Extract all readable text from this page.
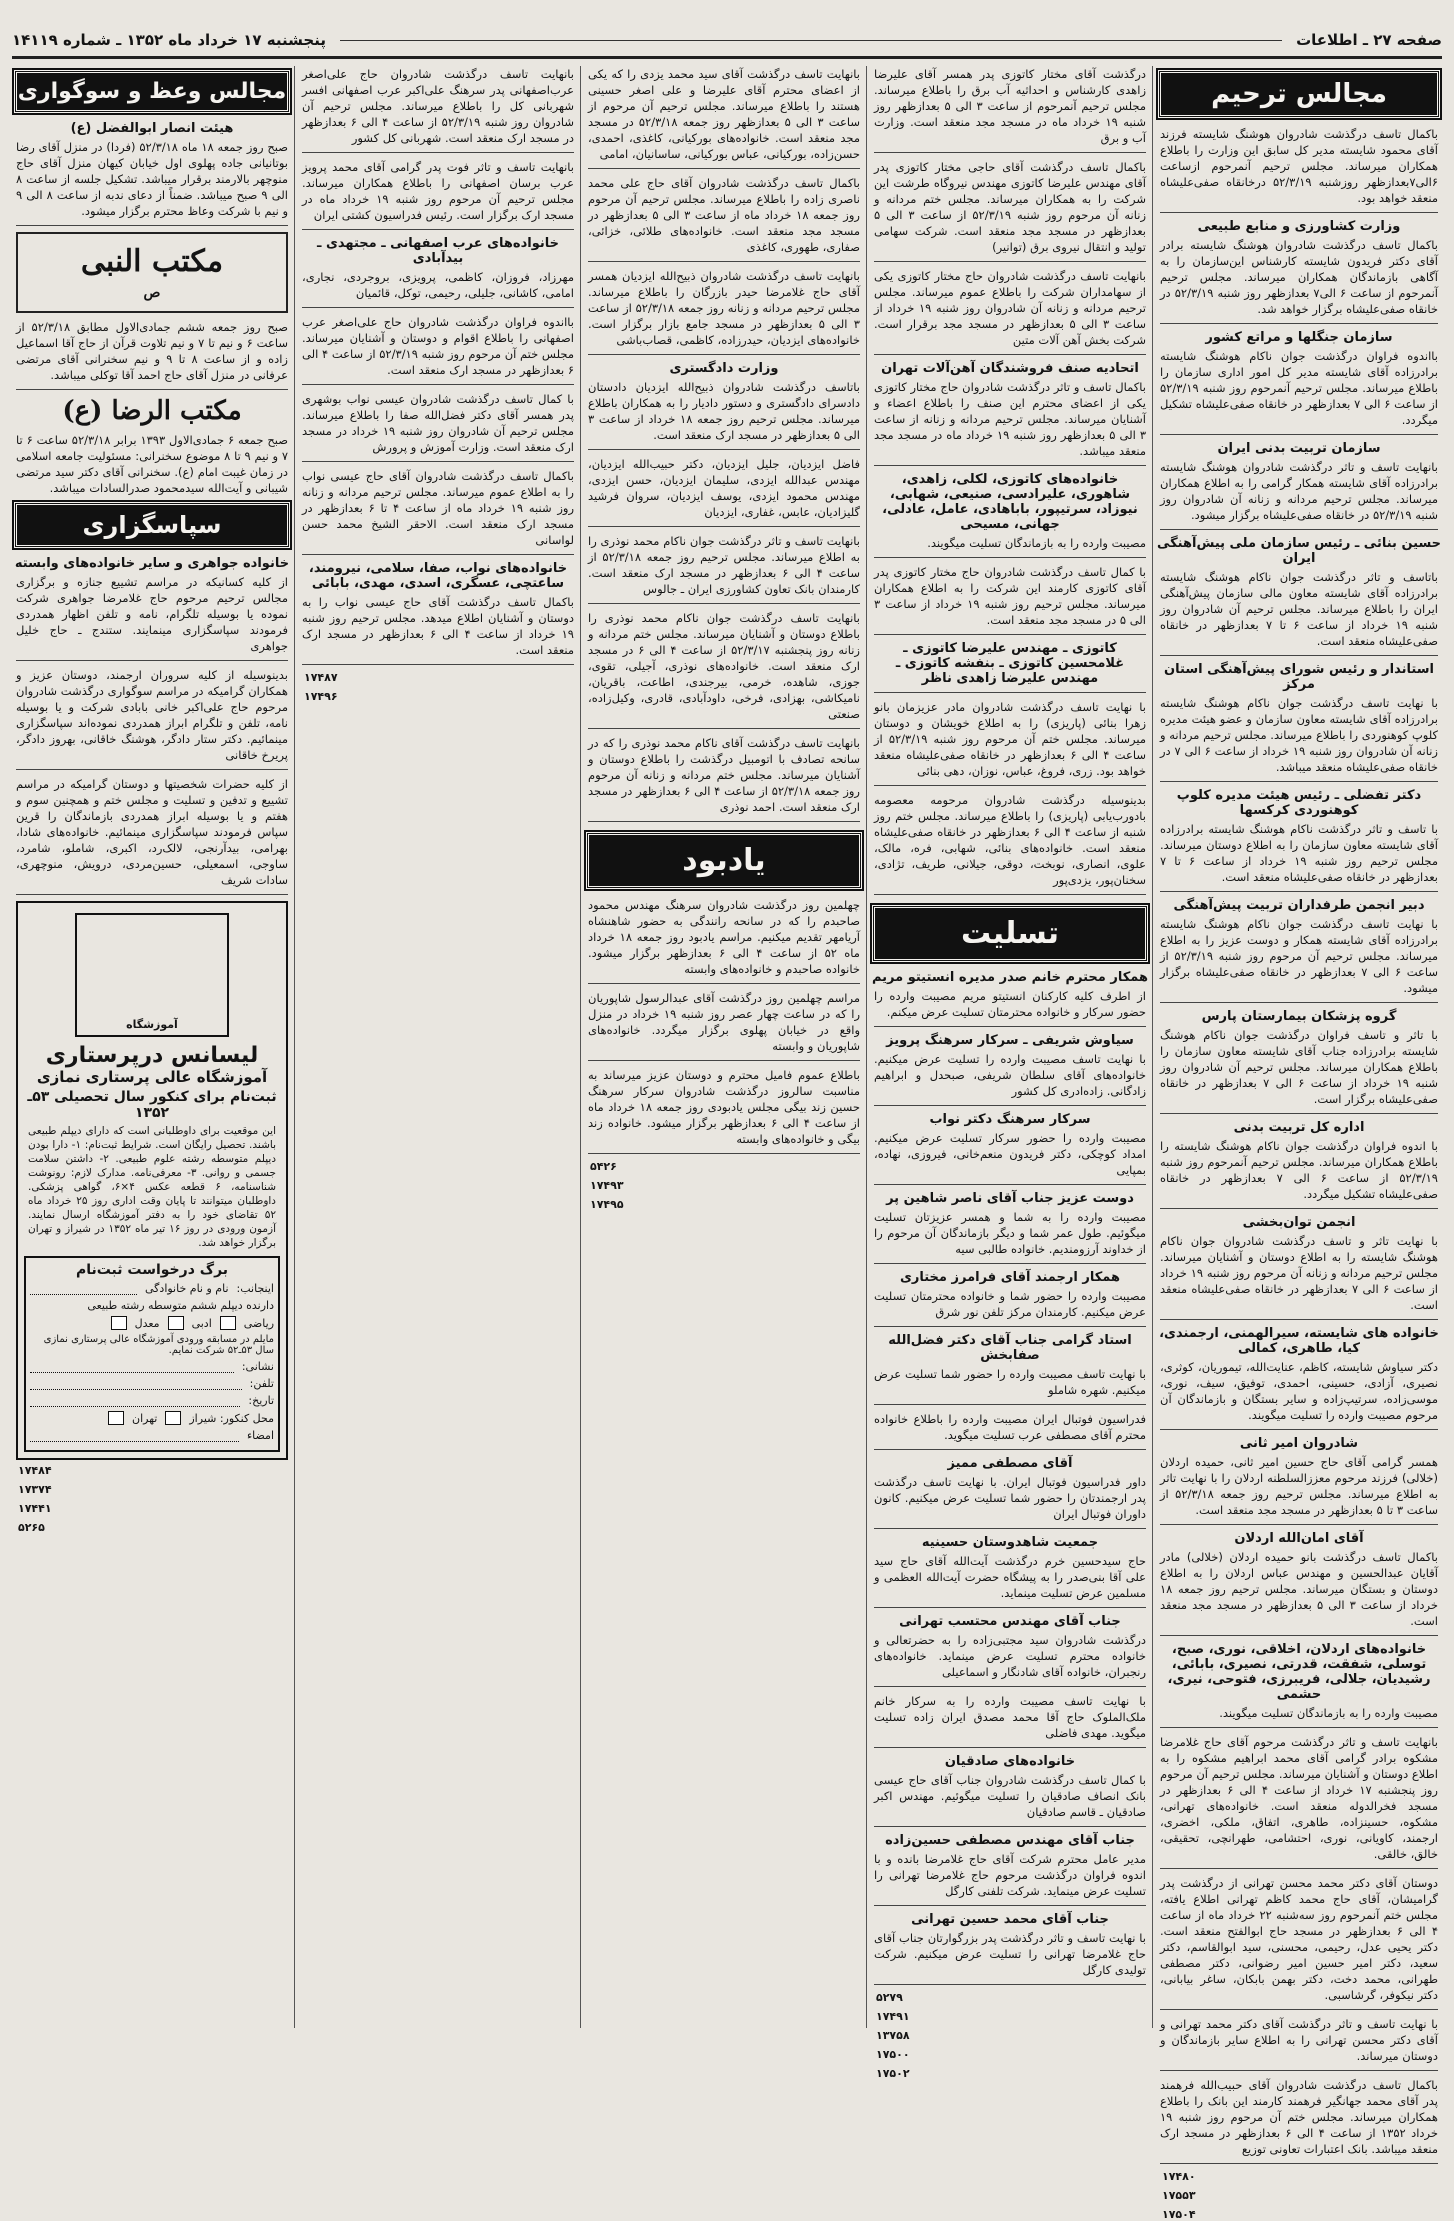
صفحه ۲۷ ـ اطلاعات
پنجشنبه ۱۷ خرداد ماه ۱۳۵۲ ـ شماره ۱۴۱۱۹
مجالس ترحیم
باکمال تاسف درگذشت شادروان هوشنگ شایسته فرزند آقای محمود شایسته مدیر کل سابق این وزارت را باطلاع همکاران میرساند. مجلس ترحیم آنمرحوم ازساعت ۶الی۷بعدازظهر روزشنبه ۵۲/۳/۱۹ درخانقاه صفی‌علیشاه منعقد خواهد بود.
وزارت کشاورزی و منابع طبیعی
باکمال تاسف درگذشت شادروان هوشنگ شایسته برادر آقای دکتر فریدون شایسته کارشناس این‌سازمان را به آگاهی بازماندگان همکاران میرساند. مجلس ترحیم آنمرحوم از ساعت ۶ الی۷ بعدازظهر روز شنبه ۵۲/۳/۱۹ در خانقاه صفی‌علیشاه برگزار خواهد شد.
سازمان جنگلها و مراتع کشور
بااندوه فراوان درگذشت جوان ناکام هوشنگ شایسته برادرزاده آقای شایسته مدیر کل امور اداری سازمان را باطلاع میرساند. مجلس ترحیم آنمرحوم روز شنبه ۵۲/۳/۱۹ از ساعت ۶ الی ۷ بعدازظهر در خانقاه صفی‌علیشاه تشکیل میگردد.
سازمان تربیت بدنی ایران
بانهایت تاسف و تاثر درگذشت شادروان هوشنگ شایسته برادرزاده آقای شایسته همکار گرامی را به اطلاع همکاران میرساند. مجلس ترحیم مردانه و زنانه آن شادروان روز شنبه ۵۲/۳/۱۹ در خانقاه صفی‌علیشاه برگزار میشود.
حسین بنائی ـ رئیس سازمان ملی پیش‌آهنگی ایران
باتاسف و تاثر درگذشت جوان ناکام هوشنگ شایسته برادرزاده آقای شایسته معاون مالی سازمان پیش‌آهنگی ایران را باطلاع میرساند. مجلس ترحیم آن شادروان روز شنبه ۱۹ خرداد از ساعت ۶ تا ۷ بعدازظهر در خانقاه صفی‌علیشاه منعقد است.
استاندار و رئیس شورای پیش‌آهنگی استان مرکز
با نهایت تاسف درگذشت جوان ناکام هوشنگ شایسته برادرزاده آقای شایسته معاون سازمان و عضو هیئت مدیره کلوپ کوهنوردی را باطلاع میرساند. مجلس ترحیم مردانه و زنانه آن شادروان روز شنبه ۱۹ خرداد از ساعت ۶ الی ۷ در خانقاه صفی‌علیشاه منعقد میباشد.
دکتر تفضلی ـ رئیس هیئت مدیره کلوپ کوهنوردی کرکسها
با تاسف و تاثر درگذشت ناکام هوشنگ شایسته برادرزاده آقای شایسته معاون سازمان را به اطلاع دوستان میرساند. مجلس ترحیم روز شنبه ۱۹ خرداد از ساعت ۶ تا ۷ بعدازظهر در خانقاه صفی‌علیشاه منعقد است.
دبیر انجمن طرفداران تربیت پیش‌آهنگی
با نهایت تاسف درگذشت جوان ناکام هوشنگ شایسته برادرزاده آقای شایسته همکار و دوست عزیز را به اطلاع میرساند. مجلس ترحیم آن مرحوم روز شنبه ۵۲/۳/۱۹ از ساعت ۶ الی ۷ بعدازظهر در خانقاه صفی‌علیشاه برگزار میشود.
گروه پزشکان بیمارستان پارس
با تاثر و تاسف فراوان درگذشت جوان ناکام هوشنگ شایسته برادرزاده جناب آقای شایسته معاون سازمان را باطلاع همکاران میرساند. مجلس ترحیم آن شادروان روز شنبه ۱۹ خرداد از ساعت ۶ الی ۷ بعدازظهر در خانقاه صفی‌علیشاه برگزار است.
اداره کل تربیت بدنی
با اندوه فراوان درگذشت جوان ناکام هوشنگ شایسته را باطلاع همکاران میرساند. مجلس ترحیم آنمرحوم روز شنبه ۵۲/۳/۱۹ از ساعت ۶ الی ۷ بعدازظهر در خانقاه صفی‌علیشاه تشکیل میگردد.
انجمن توان‌بخشی
با نهایت تاثر و تاسف درگذشت شادروان جوان ناکام هوشنگ شایسته را به اطلاع دوستان و آشنایان میرساند. مجلس ترحیم مردانه و زنانه آن مرحوم روز شنبه ۱۹ خرداد از ساعت ۶ الی ۷ بعدازظهر در خانقاه صفی‌علیشاه منعقد است.
خانواده های شایسته، سیرالهمنی، ارجمندی، کیا، طاهری، کمالی
دکتر سیاوش شایسته، کاظم، عنایت‌الله، تیموریان، کوثری، نصیری، آزادی، حسینی، احمدی، توفیق، سیف، نوری، موسی‌زاده، سرتیپ‌زاده و سایر بستگان و بازماندگان آن مرحوم مصیبت وارده را تسلیت میگویند.
شادروان امیر ثانی
همسر گرامی آقای حاج حسین امیر ثانی، حمیده اردلان (خلالی) فرزند مرحوم معززالسلطنه اردلان را با نهایت تاثر به اطلاع میرساند. مجلس ترحیم روز جمعه ۵۲/۳/۱۸ از ساعت ۳ تا ۵ بعدازظهر در مسجد مجد منعقد است.
آقای امان‌الله اردلان
باکمال تاسف درگذشت بانو حمیده اردلان (خلالی) مادر آقایان عبدالحسین و مهندس عباس اردلان را به اطلاع دوستان و بستگان میرساند. مجلس ترحیم روز جمعه ۱۸ خرداد از ساعت ۳ الی ۵ بعدازظهر در مسجد مجد منعقد است.
خانواده‌های اردلان، اخلاقی، نوری، صبح، توسلی، شفقت، قدرتی، نصیری، بابائی، رشیدیان، جلالی، فریبرزی، فتوحی، نیری، حشمی
مصیبت وارده را به بازماندگان تسلیت میگویند.
بانهایت تاسف و تاثر درگذشت مرحوم آقای حاج غلامرضا مشکوه برادر گرامی آقای محمد ابراهیم مشکوه را به اطلاع دوستان و آشنایان میرساند. مجلس ترحیم آن مرحوم روز پنجشنبه ۱۷ خرداد از ساعت ۴ الی ۶ بعدازظهر در مسجد فخرالدوله منعقد است. خانواده‌های تهرانی، مشکوه، حسینزاده، طاهری، اتفاق، ملکی، اخضری، ارجمند، کاویانی، نوری، احتشامی، طهرانچی، تحقیقی، خالق، خالقی.
دوستان آقای دکتر محمد محسن تهرانی از درگذشت پدر گرامیشان، آقای حاج محمد کاظم تهرانی اطلاع یافته، مجلس ختم آنمرحوم روز سه‌شنبه ۲۲ خرداد ماه از ساعت ۴ الی ۶ بعدازظهر در مسجد حاج ابوالفتح منعقد است. دکتر یحیی عدل، رحیمی، محسنی، سید ابوالقاسم، دکتر سعید، دکتر امیر حسین امیر رضوانی، دکتر مصطفی طهرانی، محمد دخت، دکتر بهمن بابکان، ساغر بیابانی، دکتر نیکوفر، گرشاسبی.
با نهایت تاسف و تاثر درگذشت آقای دکتر محمد تهرانی و آقای دکتر محسن تهرانی را به اطلاع سایر بازماندگان و دوستان میرساند.
باکمال تاسف درگذشت شادروان آقای حبیب‌الله فرهمند پدر آقای محمد جهانگیر فرهمند کارمند این بانک را باطلاع همکاران میرساند. مجلس ختم آن مرحوم روز شنبه ۱۹ خرداد ۱۳۵۲ از ساعت ۴ الی ۶ بعدازظهر در مسجد ارک منعقد میباشد. بانک اعتبارات تعاونی توزیع
۱۷۴۸۰
۱۷۵۵۳
۱۷۵۰۴
درگذشت آقای مختار کاتوزی پدر همسر آقای علیرضا زاهدی کارشناس و احداثیه آب برق را باطلاع میرساند. مجلس ترحیم آنمرحوم از ساعت ۳ الی ۵ بعدازظهر روز شنبه ۱۹ خرداد ماه در مسجد مجد منعقد است. وزارت آب و برق
باکمال تاسف درگذشت آقای حاجی مختار کاتوزی پدر آقای مهندس علیرضا کاتوزی مهندس نیروگاه طرشت این شرکت را به همکاران میرساند. مجلس ختم مردانه و زنانه آن مرحوم روز شنبه ۵۲/۳/۱۹ از ساعت ۳ الی ۵ بعدازظهر در مسجد مجد منعقد است. شرکت سهامی تولید و انتقال نیروی برق (توانیر)
بانهایت تاسف درگذشت شادروان حاج مختار کاتوزی یکی از سهامداران شرکت را باطلاع عموم میرساند. مجلس ترحیم مردانه و زنانه آن شادروان روز شنبه ۱۹ خرداد از ساعت ۳ الی ۵ بعدازظهر در مسجد مجد برقرار است. شرکت بخش آهن آلات متین
اتحادیه صنف فروشندگان آهن‌آلات تهران
باکمال تاسف و تاثر درگذشت شادروان حاج مختار کاتوزی یکی از اعضای محترم این صنف را باطلاع اعضاء و آشنایان میرساند. مجلس ترحیم مردانه و زنانه از ساعت ۳ الی ۵ بعدازظهر روز شنبه ۱۹ خرداد ماه در مسجد مجد منعقد میباشد.
خانواده‌های کاتوزی، لکلی، زاهدی، شاهوری، علیرادسی، صنیعی، شهابی، نیوزاد، سرتیپور، باباهادی، عامل، عادلی، جهانی، مسیحی
مصیبت وارده را به بازماندگان تسلیت میگویند.
با کمال تاسف درگذشت شادروان حاج مختار کاتوزی پدر آقای کاتوزی کارمند این شرکت را به اطلاع همکاران میرساند. مجلس ترحیم روز شنبه ۱۹ خرداد از ساعت ۳ الی ۵ در مسجد مجد منعقد است.
کاتوزی ـ مهندس علیرضا کاتوزی ـ غلامحسین کاتوزی ـ بنفشه کاتوزی ـ مهندس علیرضا زاهدی ناظر
با نهایت تاسف درگذشت شادروان مادر عزیزمان بانو زهرا بنائی (پاریزی) را به اطلاع خویشان و دوستان میرساند. مجلس ختم آن مرحوم روز شنبه ۵۲/۳/۱۹ از ساعت ۴ الی ۶ بعدازظهر در خانقاه صفی‌علیشاه منعقد خواهد بود. زری، فروغ، عباس، نوزان، دهی بنائی
بدینوسیله درگذشت شادروان مرحومه معصومه بادورب‌یابی (پاریزی) را باطلاع میرساند. مجلس ختم روز شنبه از ساعت ۴ الی ۶ بعدازظهر در خانقاه صفی‌علیشاه منعقد است. خانواده‌های بنائی، شهابی، فره، مالک، علوی، انصاری، نوبخت، دوقی، جیلانی، طریف، تژادی، سخنان‌پور، یزدی‌پور
تسلیت
همکار محترم خانم صدر مدیره انستیتو مریم
از اطرف کلیه کارکنان انستیتو مریم مصیبت وارده را حضور سرکار و خانواده محترمتان تسلیت عرض میکنم.
سیاوش شریفی ـ سرکار سرهنگ پرویز
با نهایت تاسف مصیبت وارده را تسلیت عرض میکنیم. خانواده‌های آقای سلطان شریفی، صبحدل و ابراهیم زادگانی. زاده‌ادری کل کشور
سرکار سرهنگ دکتر نواب
مصیبت وارده را حضور سرکار تسلیت عرض میکنیم. امداد کوچکی، دکتر فریدون منعم‌خانی، فیروزی، نهاده، بمپایی
دوست عزیز جناب آقای ناصر شاهین پر
مصیبت وارده را به شما و همسر عزیزتان تسلیت میگوئیم. طول عمر شما و دیگر بازماندگان آن مرحوم را از خداوند آرزومندیم. خانواده طالبی سیه
همکار ارجمند آقای فرامرز مختاری
مصیبت وارده را حضور شما و خانواده محترمتان تسلیت عرض میکنیم. کارمندان مرکز تلفن نور شرق
استاد گرامی جناب آقای دکتر فضل‌الله صفا‌بخش
با نهایت تاسف مصیبت وارده را حضور شما تسلیت عرض میکنیم. شهره شاملو
فدراسیون فوتبال ایران مصیبت وارده را باطلاع خانواده محترم آقای مصطفی عرب تسلیت میگوید.
آقای مصطفی ممیز
داور فدراسیون فوتبال ایران. با نهایت تاسف درگذشت پدر ارجمندتان را حضور شما تسلیت عرض میکنیم. کانون داوران فوتبال ایران
جمعیت شاهدوستان حسینیه
حاج سیدحسین خرم درگذشت آیت‌الله آقای حاج سید علی آقا بنی‌صدر را به پیشگاه حضرت آیت‌الله العظمی و مسلمین عرض تسلیت مینماید.
جناب آقای مهندس محتسب تهرانی
درگذشت شادروان سید مجتبی‌زاده را به حضرتعالی و خانواده محترم تسلیت عرض مینماید. خانواده‌های رنجبران، خانواده آقای شادنگار و اسماعیلی
با نهایت تاسف مصیبت وارده را به سرکار خانم ملک‌الملوک حاج آقا محمد مصدق ایران زاده تسلیت میگوید. مهدی فاضلی
خانواده‌های صادقیان
با کمال تاسف درگذشت شادروان جناب آقای حاج عیسی بانک انصاف صادقیان را تسلیت میگوئیم. مهندس اکبر صادقیان ـ قاسم صادقیان
جناب آقای مهندس مصطفی حسین‌زاده
مدیر عامل محترم شرکت آقای حاج غلامرضا بانده و با اندوه فراوان درگذشت مرحوم حاج غلامرضا تهرانی را تسلیت عرض مینماید. شرکت تلفنی کارگل
جناب آقای محمد حسین تهرانی
با نهایت تاسف و تاثر درگذشت پدر بزرگوارتان جناب آقای حاج غلامرضا تهرانی را تسلیت عرض میکنیم. شرکت تولیدی کارگل
۵۲۷۹
۱۷۴۹۱
۱۳۷۵۸
۱۷۵۰۰
۱۷۵۰۲
بانهایت تاسف درگذشت آقای سید محمد یزدی را که یکی از اعضای محترم آقای علیرضا و علی اصغر حسینی هستند را باطلاع میرساند. مجلس ترحیم آن مرحوم از ساعت ۳ الی ۵ بعدازظهر روز جمعه ۵۲/۳/۱۸ در مسجد مجد منعقد است. خانواده‌های بورکیانی، کاغذی، احمدی، حسن‌زاده، بورکیانی، عباس بورکیانی، ساسانیان، امامی
باکمال تاسف درگذشت شادروان آقای حاج علی محمد ناصری زاده را باطلاع میرساند. مجلس ترحیم آن مرحوم روز جمعه ۱۸ خرداد ماه از ساعت ۳ الی ۵ بعدازظهر در مسجد مجد منعقد است. خانواده‌های طلائی، خزائی، صفاری، طهوری، کاغذی
بانهایت تاسف درگذشت شادروان ذبیح‌الله ایزدیان همسر آقای حاج غلامرضا حیدر بازرگان را باطلاع میرساند. مجلس ترحیم مردانه و زنانه روز جمعه ۵۲/۳/۱۸ از ساعت ۳ الی ۵ بعدازظهر در مسجد جامع بازار برگزار است. خانواده‌های ایزدیان، حیدرزاده، کاظمی، قصاب‌باشی
وزارت دادگستری
باتاسف درگذشت شادروان ذبیح‌الله ایزدیان دادستان دادسرای دادگستری و دستور دادیار را به همکاران باطلاع میرساند. مجلس ترحیم روز جمعه ۱۸ خرداد از ساعت ۳ الی ۵ بعدازظهر در مسجد ارک منعقد است.
فاضل ایزدیان، جلیل ایزدیان، دکتر حبیب‌الله ایزدیان، مهندس عبدالله ایزدی، سلیمان ایزدیان، حسن ایزدی، مهندس محمود ایزدی، یوسف ایزدیان، سروان فرشید گلیزادیان، عابس، غفاری، ایزدیان
بانهایت تاسف و تاثر درگذشت جوان ناکام محمد نوذری را به اطلاع میرساند. مجلس ترحیم روز جمعه ۵۲/۳/۱۸ از ساعت ۴ الی ۶ بعدازظهر در مسجد ارک منعقد است. کارمندان بانک تعاون کشاورزی ایران ـ جالوس
بانهایت تاسف درگذشت جوان ناکام محمد نوذری را باطلاع دوستان و آشنایان میرساند. مجلس ختم مردانه و زنانه روز پنجشنبه ۵۲/۳/۱۷ از ساعت ۴ الی ۶ در مسجد ارک منعقد است. خانواده‌های نوذری، آجیلی، تقوی، جوزی، شاهده، خرمی، بیرجندی، اطاعت، باقریان، نامیکاشی، بهزادی، فرخی، داودآبادی، قادری، وکیل‌زاده، صنعتی
بانهایت تاسف درگذشت آقای ناکام محمد نوذری را که در سانحه تصادف با اتومبیل درگذشت را باطلاع دوستان و آشنایان میرساند. مجلس ختم مردانه و زنانه آن مرحوم روز جمعه ۵۲/۳/۱۸ از ساعت ۴ الی ۶ بعدازظهر در مسجد ارک منعقد است. احمد نوذری
یادبود
چهلمین روز درگذشت شادروان سرهنگ مهندس محمود صاحبدم را که در سانحه رانندگی به حضور شاهنشاه آریامهر تقدیم میکنیم. مراسم یادبود روز جمعه ۱۸ خرداد ماه ۵۲ از ساعت ۴ الی ۶ بعدازظهر برگزار میشود. خانواده صاحبدم و خانواده‌های وابسته
مراسم چهلمین روز درگذشت آقای عبدالرسول شاپوریان را که در ساعت چهار عصر روز شنبه ۱۹ خرداد در منزل واقع در خیابان پهلوی برگزار میگردد. خانواده‌های شاپوریان و وابسته
باطلاع عموم فامیل محترم و دوستان عزیز میرساند به مناسبت سالروز درگذشت شادروان سرکار سرهنگ حسین زند بیگی مجلس یادبودی روز جمعه ۱۸ خرداد ماه از ساعت ۴ الی ۶ بعدازظهر برگزار میشود. خانواده زند بیگی و خانواده‌های وابسته
۵۴۲۶
۱۷۴۹۳
۱۷۴۹۵
بانهایت تاسف درگذشت شادروان حاج علی‌اصغر عرب‌اصفهانی پدر سرهنگ علی‌اکبر عرب اصفهانی افسر شهربانی کل را باطلاع میرساند. مجلس ترحیم آن شادروان روز شنبه ۵۲/۳/۱۹ از ساعت ۴ الی ۶ بعدازظهر در مسجد ارک منعقد است. شهربانی کل کشور
بانهایت تاسف و تاثر فوت پدر گرامی آقای محمد پرویز عرب برسان اصفهانی را باطلاع همکاران میرساند. مجلس ترحیم آن مرحوم روز شنبه ۱۹ خرداد ماه در مسجد ارک برگزار است. رئیس فدراسیون کشتی ایران
خانواده‌های عرب اصفهانی ـ مجتهدی ـ بیدآبادی
مهرزاد، فروزان، کاظمی، پرویزی، بروجردی، نجاری، امامی، کاشانی، جلیلی، رحیمی، توکل، قائمیان
بااندوه فراوان درگذشت شادروان حاج علی‌اصغر عرب اصفهانی را باطلاع اقوام و دوستان و آشنایان میرساند. مجلس ختم آن مرحوم روز شنبه ۵۲/۳/۱۹ از ساعت ۴ الی ۶ بعدازظهر در مسجد ارک منعقد است.
با کمال تاسف درگذشت شادروان عیسی نواب بوشهری پدر همسر آقای دکتر فضل‌الله صفا را باطلاع میرساند. مجلس ترحیم آن شادروان روز شنبه ۱۹ خرداد در مسجد ارک منعقد است. وزارت آموزش و پرورش
باکمال تاسف درگذشت شادروان آقای حاج عیسی نواب را به اطلاع عموم میرساند. مجلس ترحیم مردانه و زنانه روز شنبه ۱۹ خرداد ماه از ساعت ۴ تا ۶ بعدازظهر در مسجد ارک منعقد است. الاحقر الشیخ محمد حسن لواسانی
خانواده‌های نواب، صفا، سلامی، نیرومند، ساعتچی، عسگری، اسدی، مهدی، بابائی
باکمال تاسف درگذشت آقای حاج عیسی نواب را به دوستان و آشنایان اطلاع میدهد. مجلس ترحیم روز شنبه ۱۹ خرداد از ساعت ۴ الی ۶ بعدازظهر در مسجد ارک منعقد است.
۱۷۴۸۷
۱۷۴۹۶
مجالس وعظ و سوگواری
هیئت انصار ابوالفضل (ع)
صبح روز جمعه ۱۸ ماه ۵۲/۳/۱۸ (فردا) در منزل آقای رضا بوتانیانی جاده پهلوی اول خیابان کیهان منزل آقای حاج منوچهر بالارمند برقرار میباشد. تشکیل جلسه از ساعت ۸ الی ۹ صبح میباشد. ضمناً از دعای ندبه از ساعت ۸ الی ۹ و نیم با شرکت وعاظ محترم برگزار میشود.
مکتب النبی
ص
صبح روز جمعه ششم جمادی‌الاول مطابق ۵۲/۳/۱۸ از ساعت ۶ و نیم تا ۷ و نیم تلاوت قرآن از حاج آقا اسماعیل زاده و از ساعت ۸ تا ۹ و نیم سخنرانی آقای مرتضی عرفانی در منزل آقای حاج احمد آقا توکلی میباشد.
مکتب الرضا (ع)
صبح جمعه ۶ جمادی‌الاول ۱۳۹۳ برابر ۵۲/۳/۱۸ ساعت ۶ تا ۷ و نیم ۹ تا ۸ موضوع سخنرانی: مسئولیت جامعه اسلامی در زمان غیبت امام (ع). سخنرانی آقای دکتر سید مرتضی شیبانی و آیت‌الله سیدمحمود صدرالسادات میباشد.
سپاسگزاری
خانواده جواهری و سایر خانواده‌های وابسته
از کلیه کسانیکه در مراسم تشییع جنازه و برگزاری مجالس ترحیم مرحوم حاج غلامرضا جواهری شرکت نموده یا بوسیله تلگرام، نامه و تلفن اظهار همدردی فرمودند سپاسگزاری مینمایند. ستندج ـ حاج خلیل جواهری
بدینوسیله از کلیه سروران ارجمند، دوستان عزیز و همکاران گرامیکه در مراسم سوگواری درگذشت شادروان مرحوم حاج علی‌اکبر خانی بابادی شرکت و یا بوسیله نامه، تلفن و تلگرام ابراز همدردی نموده‌اند سپاسگزاری مینمائیم. دکتر ستار دادگر، هوشنگ خاقانی، بهروز دادگر، پریرخ خاقانی
از کلیه حضرات شخصیتها و دوستان گرامیکه در مراسم تشییع و تدفین و تسلیت و مجلس ختم و همچنین سوم و هفتم و یا بوسیله ابراز همدردی بازماندگان را قرین سپاس فرمودند سپاسگزاری مینمائیم. خانواده‌های شادا، بهرامی، بیدآرنجی، لالک‌رد، اکبری، شاملو، شامرد، ساوجی، اسمعیلی، حسین‌مردی، درویش، منوچهری، سادات شریف
آموزشگاه
لیسانس درپرستاری
آموزشگاه عالی پرستاری نمازی
ثبت‌نام برای کنکور سال تحصیلی ۵۳ـ ۱۳۵۲
این موقعیت برای داوطلبانی است که دارای دیپلم طبیعی باشند. تحصیل رایگان است. شرایط ثبت‌نام: ۱- دارا بودن دیپلم متوسطه رشته علوم طبیعی. ۲- داشتن سلامت جسمی و روانی. ۳- معرفی‌نامه. مدارک لازم: رونوشت شناسنامه، ۶ قطعه عکس ۴×۶، گواهی پزشکی. داوطلبان میتوانند تا پایان وقت اداری روز ۲۵ خرداد ماه ۵۲ تقاضای خود را به دفتر آموزشگاه ارسال نمایند. آزمون ورودی در روز ۱۶ تیر ماه ۱۳۵۲ در شیراز و تهران برگزار خواهد شد.
برگ درخواست ثبت‌نام
اینجانب:
نام و نام خانوادگی
دارنده دیپلم ششم متوسطه رشته طبیعی
ریاضی
ادبی
معدل
مایلم در مسابقه ورودی آموزشگاه عالی پرستاری نمازی سال ۵۳ـ۵۲ شرکت نمایم.
نشانی:
تلفن:
تاریخ:
محل کنکور: شیراز
تهران
امضاء
۱۷۴۸۴
۱۷۳۷۴
۱۷۴۴۱
۵۲۶۵
